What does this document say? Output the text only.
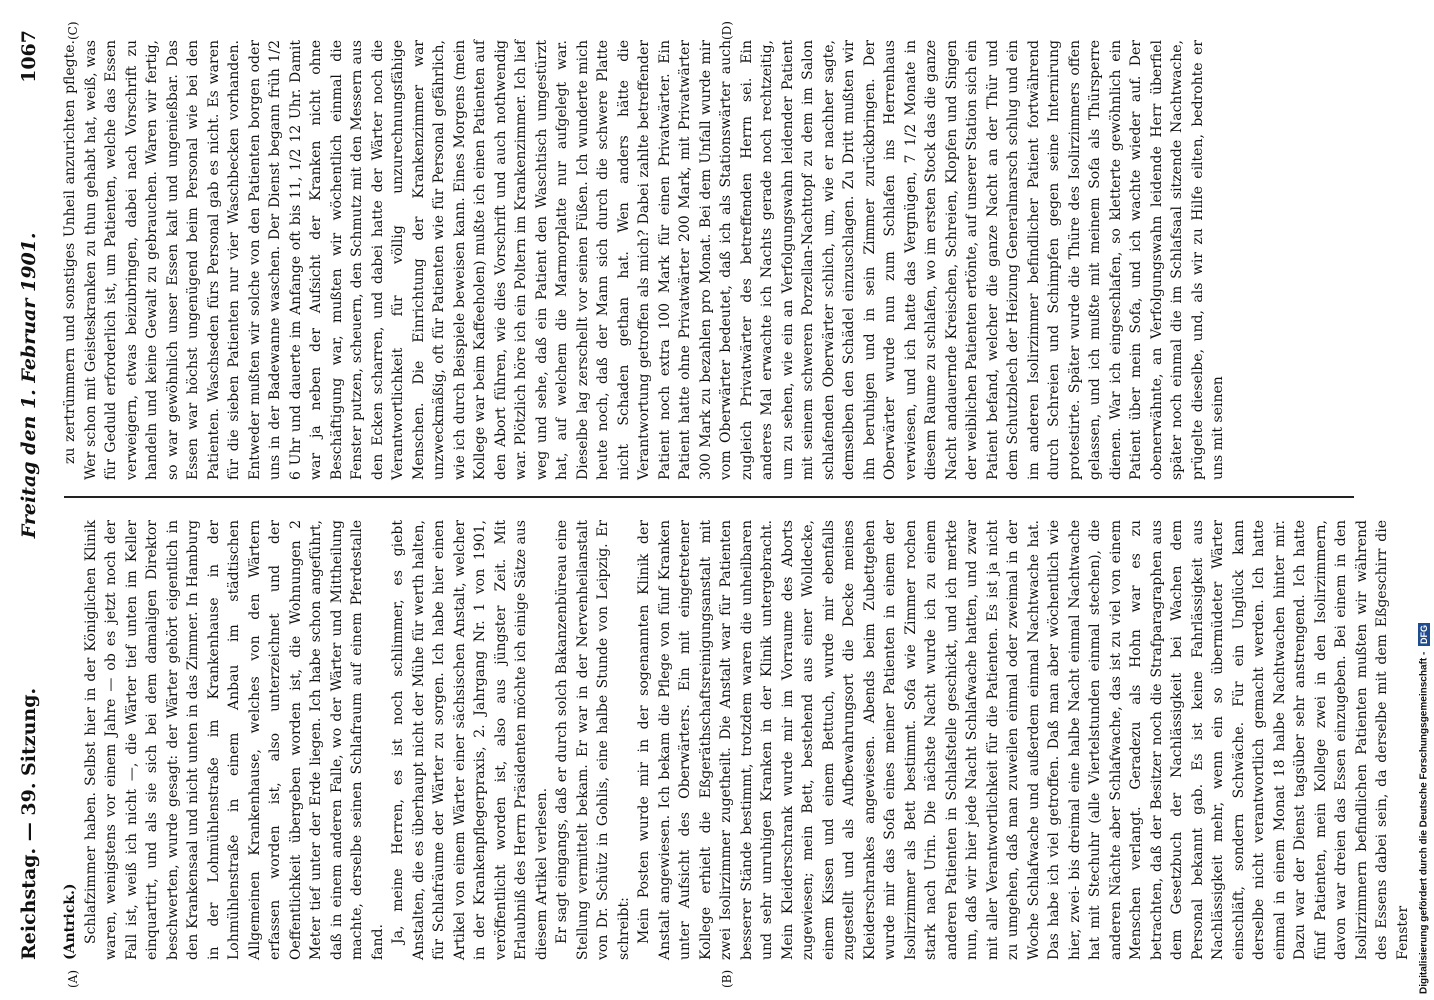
Reichstag. — 39. Sitzung.
Freitag den 1. Februar 1901.
1067
(A)	(B)
(C)	(D)
(Antrick.) Schlafzimmer haben. Selbst hier in der Königlichen Klinik waren, wenigstens vor einem Jahre — ob es jetzt noch der Fall ist, weiß ich nicht —, die Wärter tief unten im Keller einquartirt, und als sie sich bei dem damaligen Direktor beschwerten, wurde gesagt: der Wärter gehört eigentlich in den Krankensaal und nicht unten in das Zimmer. In Hamburg in der Lohmühlenstraße im Krankenhause in der Lohmühlenstraße in einem Anbau im städtischen Allgemeinen Krankenhause, welches von den Wärtern erfassen worden ist, also unterzeichnet und der Oeffentlichkeit übergeben worden ist, die Wohnungen 2 Meter tief unter der Erde liegen. Ich habe schon angeführt, daß in einem anderen Falle, wo der Wärter und Mittheilung machte, derselbe seinen Schlafraum auf einem Pferdestalle fand. Ja, meine Herren, es ist noch schlimmer, es giebt Anstalten, die es überhaupt nicht der Mühe für werth halten, für Schlafräume der Wärter zu sorgen. Ich habe hier einen Artikel von einem Wärter einer sächsischen Anstalt, welcher in der Krankenpflegerpraxis, 2. Jahrgang Nr. 1 von 1901, veröffentlicht worden ist, also aus jüngster Zeit. Mit Erlaubniß des Herrn Präsidenten möchte ich einige Sätze aus diesem Artikel verlesen. Er sagt eingangs, daß er durch solch Bakanzenbüreau eine Stellung vermittelt bekam. Er war in der Nervenheilanstalt von Dr. Schütz in Gohlis, eine halbe Stunde von Leipzig. Er schreibt: Mein Posten wurde mir in der sogenannten Klinik der Anstalt angewiesen. Ich bekam die Pflege von fünf Kranken unter Aufsicht des Oberwärters. Ein mit eingetretener Kollege erhielt die Eßgeräthschaftsreinigungsanstalt mit zwei Isolirzimmer zugetheilt. Die Anstalt war für Patienten besserer Stände bestimmt, trotzdem waren die unheilbaren und sehr unruhigen Kranken in der Klinik untergebracht. Mein Kleiderschrank wurde mir im Vorraume des Aborts zugewiesen; mein Bett, bestehend aus einer Wolldecke, einem Kissen und einem Bettuch, wurde mir ebenfalls zugestellt und als Aufbewahrungsort die Decke meines Kleiderschrankes angewiesen. Abends beim Zubettgehen wurde mir das Sofa eines meiner Patienten in einem der Isolirzimmer als Bett bestimmt. Sofa wie Zimmer rochen stark nach Urin. Die nächste Nacht wurde ich zu einem anderen Patienten in Schlafstelle geschickt, und ich merkte nun, daß wir hier jede Nacht Schlafwache hatten, und zwar mit aller Verantwortlichkeit für die Patienten. Es ist ja nicht zu umgehen, daß man zuweilen einmal oder zweimal in der Woche Schlafwache und außerdem einmal Nachtwache hat. Das habe ich viel getroffen. Daß man aber wöchentlich wie hier, zwei- bis dreimal eine halbe Nacht einmal Nachtwache hat mit Stechuhr (alle Viertelstunden einmal stechen), die anderen Nächte aber Schlafwache, das ist zu viel von einem Menschen verlangt. Geradezu als Hohn war es zu betrachten, daß der Besitzer noch die Strafparagraphen aus dem Gesetzbuch der Nachlässigkeit bei Wachen dem Personal bekannt gab. Es ist keine Fahrlässigkeit aus Nachlässigkeit mehr, wenn ein so übermüdeter Wärter einschläft, sondern Schwäche. Für ein Unglück kann derselbe nicht verantwortlich gemacht werden. Ich hatte einmal in einem Monat 18 halbe Nachtwachen hinter mir. Dazu war der Dienst tagsüber sehr anstrengend. Ich hatte fünf Patienten, mein Kollege zwei in den Isolirzimmern, davon war dreien das Essen einzugeben. Bei einem in den Isolirzimmern befindlichen Patienten mußten wir während des Essens dabei sein, da derselbe mit dem Eßgeschirr die Fenster

zu zertrümmern und sonstiges Unheil anzurichten pflegte. Wer schon mit Geisteskranken zu thun gehabt hat, weiß, was für Geduld erforderlich ist, um Patienten, welche das Essen verweigern, etwas beizubringen, dabei nach Vorschrift zu handeln und keine Gewalt zu gebrauchen. Waren wir fertig, so war gewöhnlich unser Essen kalt und ungenießbar. Das Essen war höchst ungenügend beim Personal wie bei den Patienten. Waschseden fürs Personal gab es nicht. Es waren für die sieben Patienten nur vier Waschbecken vorhanden. Entweder mußten wir solche von den Patienten borgen oder uns in der Badewanne waschen. Der Dienst begann früh 1/2 6 Uhr und dauerte im Anfange oft bis 11, 1/2 12 Uhr. Damit war ja neben der Aufsicht der Kranken nicht ohne Beschäftigung war, mußten wir wöchentlich einmal die Fenster putzen, scheuern, den Schmutz mit den Messern aus den Ecken scharren, und dabei hatte der Wärter noch die Verantwortlichkeit für völlig unzurechnungsfähige Menschen. Die Einrichtung der Krankenzimmer war unzweckmäßig, oft für Patienten wie für Personal gefährlich, wie ich durch Beispiele beweisen kann. Eines Morgens (mein Kollege war beim Kaffeeholen) mußte ich einen Patienten auf den Abort führen, wie dies Vorschrift und auch nothwendig war. Plötzlich höre ich ein Poltern im Krankenzimmer. Ich lief weg und sehe, daß ein Patient den Waschtisch umgestürzt hat, auf welchem die Marmorplatte nur aufgelegt war. Dieselbe lag zerschellt vor seinen Füßen. Ich wunderte mich heute noch, daß der Mann sich durch die schwere Platte nicht Schaden gethan hat. Wen anders hätte die Verantwortung getroffen als mich? Dabei zahlte betreffender Patient noch extra 100 Mark für einen Privatwärter. Ein Patient hatte ohne Privatwärter 200 Mark, mit Privatwärter 300 Mark zu bezahlen pro Monat. Bei dem Unfall wurde mir vom Oberwärter bedeutet, daß ich als Stationswärter auch zugleich Privatwärter des betreffenden Herrn sei. Ein anderes Mal erwachte ich Nachts gerade noch rechtzeitig, um zu sehen, wie ein an Verfolgungswahn leidender Patient mit seinem schweren Porzellan-Nachttopf zu dem im Salon schlafenden Oberwärter schlich, um, wie er nachher sagte, demselben den Schädel einzuschlagen. Zu Dritt mußten wir ihn beruhigen und in sein Zimmer zurückbringen. Der Oberwärter wurde nun zum Schlafen ins Herrenhaus verwiesen, und ich hatte das Vergnügen, 7 1/2 Monate in diesem Raume zu schlafen, wo im ersten Stock das die ganze Nacht andauernde Kreischen, Schreien, Klopfen und Singen der weiblichen Patienten ertönte, auf unserer Station sich ein Patient befand, welcher die ganze Nacht an der Thür und dem Schutzblech der Heizung Generalmarsch schlug und ein im anderen Isolirzimmer befindlicher Patient fortwährend durch Schreien und Schimpfen gegen seine Internirung protestirte. Später wurde die Thüre des Isolirzimmers offen gelassen, und ich mußte mit meinem Sofa als Thürsperre dienen. War ich eingeschlafen, so kletterte gewöhnlich ein Patient über mein Sofa, und ich wachte wieder auf. Der obenerwähnte, an Verfolgungswahn leidende Herr überfiel später noch einmal die im Schlafsaal sitzende Nachtwache, prügelte dieselbe, und, als wir zu Hilfe eilten, bedrohte er uns mit seinen

Digitalisierung gefördert durch die Deutsche Forschungsgemeinschaft -
DFG
